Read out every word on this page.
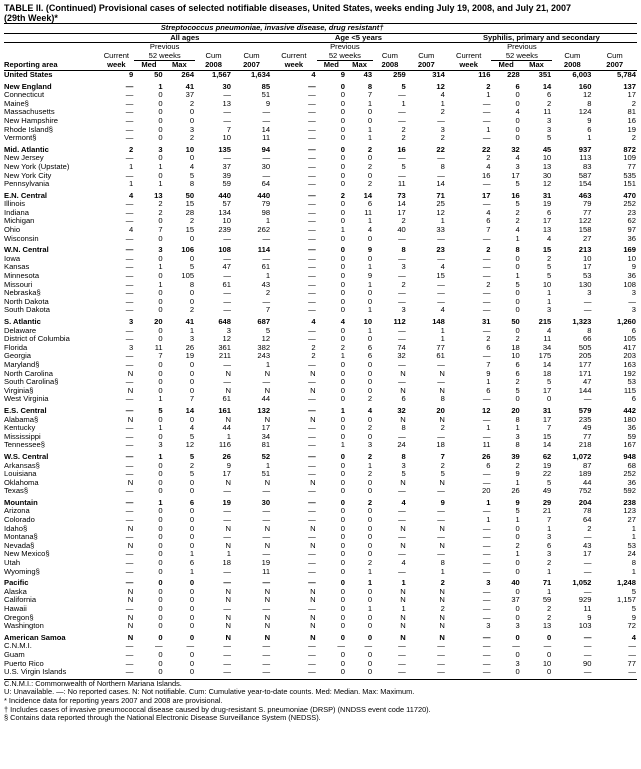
TABLE II. (Continued) Provisional cases of selected notifiable diseases, United States, weeks ending July 19, 2008, and July 21, 2007
(29th Week)*
	Streptococcus pneumoniae, invasive disease, drug resistant†														
	All ages					Age <5 years					Syphilis, primary and secondary				
		Previous					Previous					Previous			
	Current	52 weeks		Cum	Cum	Current	52 weeks		Cum	Cum	Current	52 weeks		Cum	Cum
Reporting area	week	Med	Max	2008	2007	week	Med	Max	2008	2007	week	Med	Max	2008	2007
United States	9	50	264	1,567	1,634	4	9	43	259	314	116	228	351	6,003	5,784
New England	—	1	41	30	85	—	0	8	5	12	2	6	14	160	137
Connecticut	—	0	37	—	51	—	0	7	—	4	1	0	6	12	17
Maine§	—	0	2	13	9	—	0	1	1	1	—	0	2	8	2
Massachusetts	—	0	0	—	—	—	0	0	—	2	—	4	11	124	81
New Hampshire	—	0	0	—	—	—	0	0	—	—	—	0	3	9	16
Rhode Island§	—	0	3	7	14	—	0	1	2	3	1	0	3	6	19
Vermont§	—	0	2	10	11	—	0	1	2	2	—	0	5	1	2
Mid. Atlantic	2	3	10	135	94	—	0	2	16	22	22	32	45	937	872
New Jersey	—	0	0	—	—	—	0	0	—	—	2	4	10	113	109
New York (Upstate)	1	1	4	37	30	—	0	2	5	8	4	3	13	83	77
New York City	—	0	5	39	—	—	0	0	—	—	16	17	30	587	535
Pennsylvania	1	1	8	59	64	—	0	2	11	14	—	5	12	154	151
E.N. Central	4	13	50	440	440	—	2	14	73	71	17	16	31	463	470
Illinois	—	2	15	57	79	—	0	6	14	25	—	5	19	79	252
Indiana	—	2	28	134	98	—	0	11	17	12	4	2	6	77	23
Michigan	—	0	2	10	1	—	0	1	2	1	6	2	17	122	62
Ohio	4	7	15	239	262	—	1	4	40	33	7	4	13	158	97
Wisconsin	—	0	0	—	—	—	0	0	—	—	—	1	4	27	36
W.N. Central	—	3	106	108	114	—	0	9	8	23	2	8	15	213	169
Iowa	—	0	0	—	—	—	0	0	—	—	—	0	2	10	10
Kansas	—	1	5	47	61	—	0	1	3	4	—	0	5	17	9
Minnesota	—	0	105	—	1	—	0	9	—	15	—	1	5	53	36
Missouri	—	1	8	61	43	—	0	1	2	—	2	5	10	130	108
Nebraska§	—	0	0	—	2	—	0	0	—	—	—	0	1	3	3
North Dakota	—	0	0	—	—	—	0	0	—	—	—	0	1	—	—
South Dakota	—	0	2	—	7	—	0	1	3	4	—	0	3	—	3
S. Atlantic	3	20	41	648	687	4	4	10	112	148	31	50	215	1,323	1,260
Delaware	—	0	1	3	5	—	0	1	—	1	—	0	4	8	6
District of Columbia	—	0	3	12	12	—	0	0	—	1	2	2	11	66	105
Florida	3	11	26	361	382	2	2	6	74	77	6	18	34	505	417
Georgia	—	7	19	211	243	2	1	6	32	61	—	10	175	205	203
Maryland§	—	0	0	—	1	—	0	0	—	—	7	6	14	177	163
North Carolina	N	0	0	N	N	N	0	0	N	N	9	6	18	171	192
South Carolina§	—	0	0	—	—	—	0	0	—	—	1	2	5	47	53
Virginia§	N	0	0	N	N	N	0	0	N	N	6	5	17	144	115
West Virginia	—	1	7	61	44	—	0	2	6	8	—	0	0	—	6
E.S. Central	—	5	14	161	132	—	1	4	32	20	12	20	31	579	442
Alabama§	N	0	0	N	N	N	0	0	N	N	—	8	17	235	180
Kentucky	—	1	4	44	17	—	0	2	8	2	1	1	7	49	36
Mississippi	—	0	5	1	34	—	0	0	—	—	—	3	15	77	59
Tennessee§	—	3	12	116	81	—	1	3	24	18	11	8	14	218	167
W.S. Central	—	1	5	26	52	—	0	2	8	7	26	39	62	1,072	948
Arkansas§	—	0	2	9	1	—	0	1	3	2	6	2	19	87	68
Louisiana	—	0	5	17	51	—	0	2	5	5	—	9	22	189	252
Oklahoma	N	0	0	N	N	N	0	0	N	N	—	1	5	44	36
Texas§	—	0	0	—	—	—	0	0	—	—	20	26	49	752	592
Mountain	—	1	6	19	30	—	0	2	4	9	1	9	29	204	238
Arizona	—	0	0	—	—	—	0	0	—	—	—	5	21	78	123
Colorado	—	0	0	—	—	—	0	0	—	—	1	1	7	64	27
Idaho§	N	0	0	N	N	N	0	0	N	N	—	0	1	2	1
Montana§	—	0	0	—	—	—	0	0	—	—	—	0	3	—	1
Nevada§	N	0	0	N	N	N	0	0	N	N	—	2	6	43	53
New Mexico§	—	0	1	1	—	—	0	0	—	—	—	1	3	17	24
Utah	—	0	6	18	19	—	0	2	4	8	—	0	2	—	8
Wyoming§	—	0	1	—	11	—	0	1	—	1	—	0	1	—	1
Pacific	—	0	0	—	—	—	0	1	1	2	3	40	71	1,052	1,248
Alaska	N	0	0	N	N	N	0	0	N	N	—	0	1	—	5
California	N	0	0	N	N	N	0	0	N	N	—	37	59	929	1,157
Hawaii	—	0	0	—	—	—	0	1	1	2	—	0	2	11	5
Oregon§	N	0	0	N	N	N	0	0	N	N	—	0	2	9	9
Washington	N	0	0	N	N	N	0	0	N	N	3	3	13	103	72
American Samoa	N	0	0	N	N	N	0	0	N	N	—	0	0	—	4
C.N.M.I.	—	—	—	—	—	—	—	—	—	—	—	—	—	—	—
Guam	—	0	0	—	—	—	0	0	—	—	—	0	0	—	—
Puerto Rico	—	0	0	—	—	—	0	0	—	—	—	3	10	90	77
U.S. Virgin Islands	—	0	0	—	—	—	0	0	—	—	—	0	0	—	—
C.N.M.I.: Commonwealth of Northern Mariana Islands.
U: Unavailable. —: No reported cases. N: Not notifiable. Cum: Cumulative year-to-date counts. Med: Median. Max: Maximum.
* Incidence data for reporting years 2007 and 2008 are provisional.
† Includes cases of invasive pneumococcal disease caused by drug-resistant S. pneumoniae (DRSP) (NNDSS event code 11720).
§ Contains data reported through the National Electronic Disease Surveillance System (NEDSS).
